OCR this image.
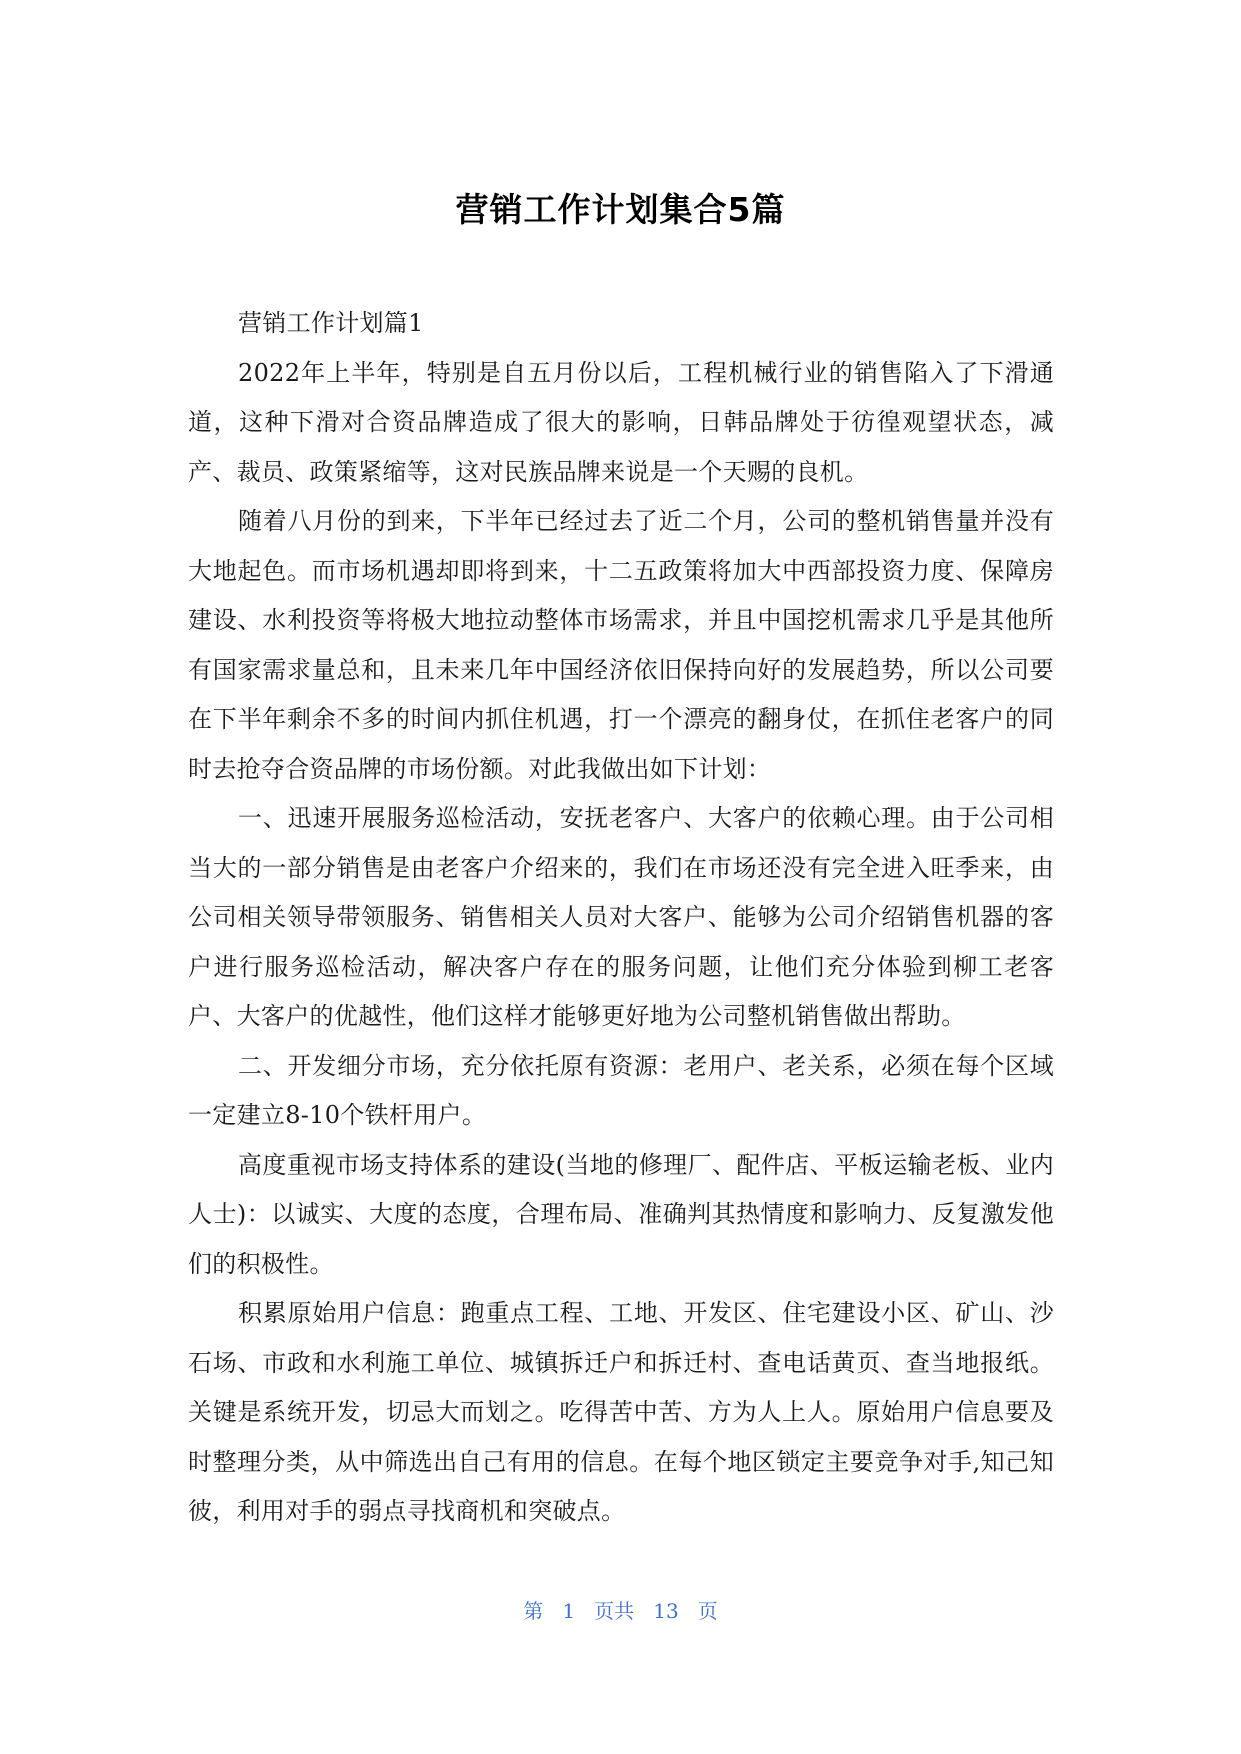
营销工作计划集合5篇

营销工作计划篇1

2022年上半年，特别是自五月份以后，工程机械行业的销售陷入了下滑通道，这种下滑对合资品牌造成了很大的影响，日韩品牌处于彷徨观望状态，减产、裁员、政策紧缩等，这对民族品牌来说是一个天赐的良机。

随着八月份的到来，下半年已经过去了近二个月，公司的整机销售量并没有大地起色。而市场机遇却即将到来，十二五政策将加大中西部投资力度、保障房建设、水利投资等将极大地拉动整体市场需求，并且中国挖机需求几乎是其他所有国家需求量总和，且未来几年中国经济依旧保持向好的发展趋势，所以公司要在下半年剩余不多的时间内抓住机遇，打一个漂亮的翻身仗，在抓住老客户的同时去抢夺合资品牌的市场份额。对此我做出如下计划：

一、迅速开展服务巡检活动，安抚老客户、大客户的依赖心理。由于公司相当大的一部分销售是由老客户介绍来的，我们在市场还没有完全进入旺季来，由公司相关领导带领服务、销售相关人员对大客户、能够为公司介绍销售机器的客户进行服务巡检活动，解决客户存在的服务问题，让他们充分体验到柳工老客户、大客户的优越性，他们这样才能够更好地为公司整机销售做出帮助。

二、开发细分市场，充分依托原有资源：老用户、老关系，必须在每个区域一定建立8-10个铁杆用户。

高度重视市场支持体系的建设(当地的修理厂、配件店、平板运输老板、业内人士)：以诚实、大度的态度，合理布局、准确判其热情度和影响力、反复激发他们的积极性。

积累原始用户信息：跑重点工程、工地、开发区、住宅建设小区、矿山、沙石场、市政和水利施工单位、城镇拆迁户和拆迁村、查电话黄页、查当地报纸。关键是系统开发，切忌大而划之。吃得苦中苦、方为人上人。原始用户信息要及时整理分类，从中筛选出自己有用的信息。在每个地区锁定主要竞争对手,知己知彼，利用对手的弱点寻找商机和突破点。

第 1 页共 13 页
